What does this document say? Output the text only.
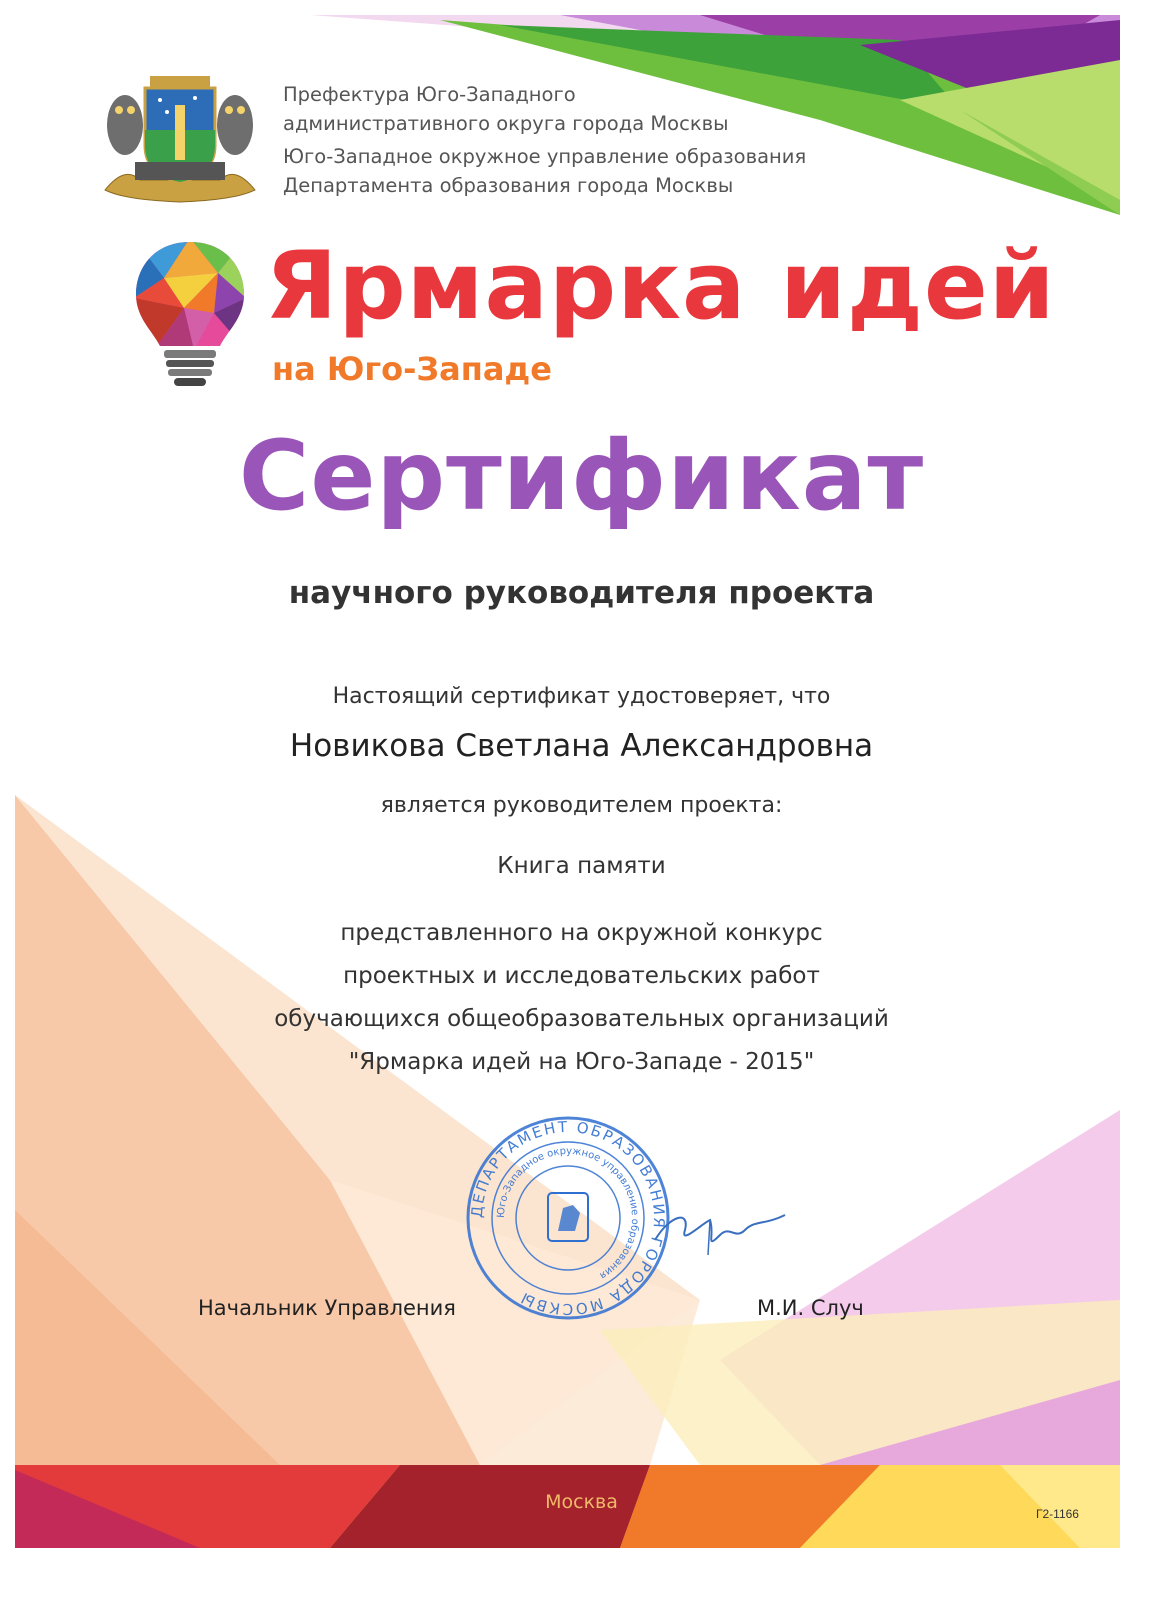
Префектура Юго-Западного
административного округа города Москвы
Юго-Западное окружное управление образования
Департамента образования города Москвы
Ярмарка идей
на Юго-Западе
Сертификат
научного руководителя проекта
Настоящий сертификат удостоверяет, что
Новикова Светлана Александровна
является руководителем проекта:
Книга памяти
представленного на окружной конкурс
проектных и исследовательских работ
обучающихся общеобразовательных организаций
"Ярмарка идей на Юго-Западе - 2015"
ДЕПАРТАМЕНТ ОБРАЗОВАНИЯ ГОРОДА МОСКВЫ
Юго-Западное окружное управление образования
Начальник Управления	М.И. Случ
Москва
Г2-1166
